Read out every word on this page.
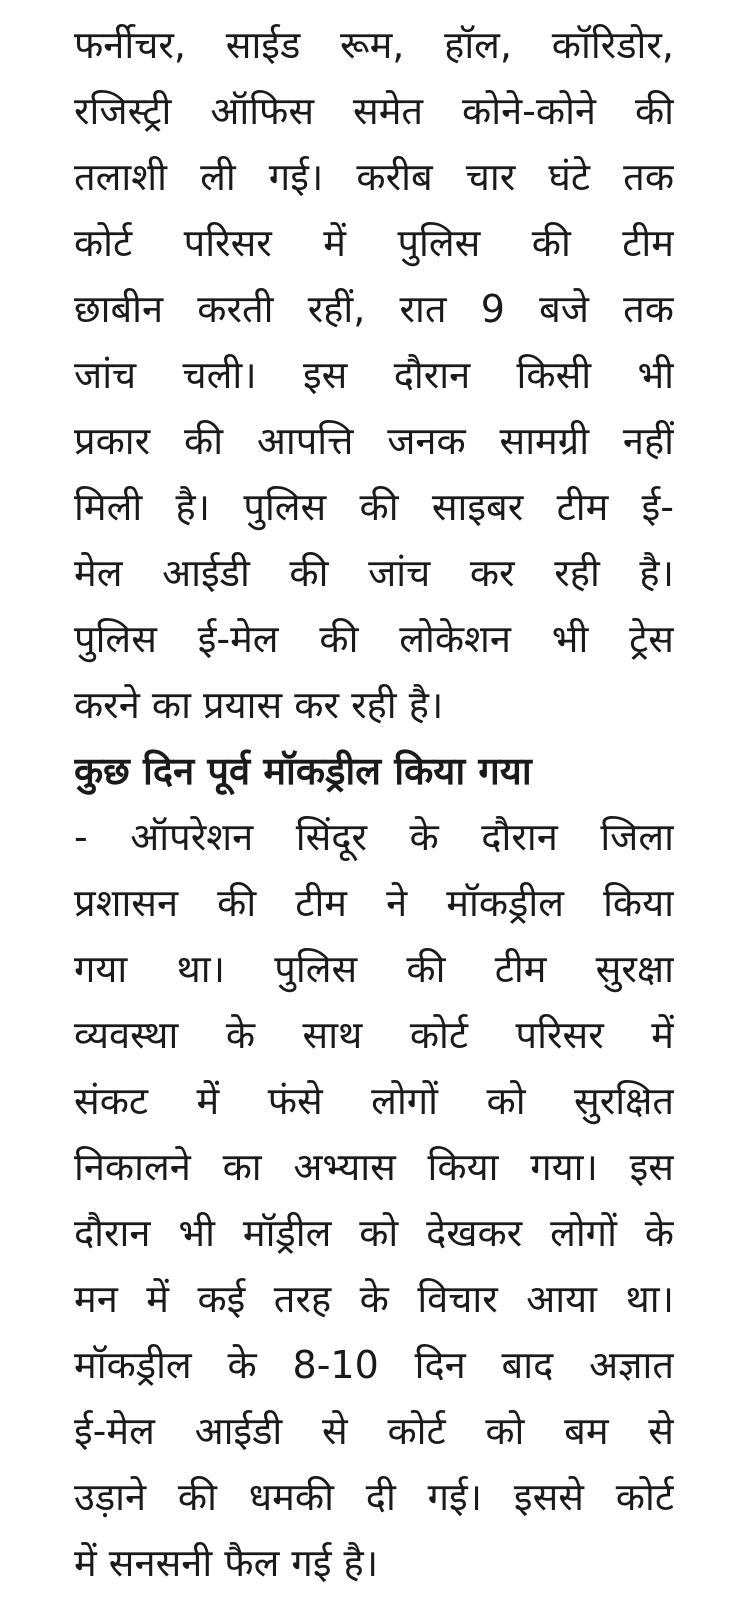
फर्नीचर, साईड रूम, हॉल, कॉरिडोर,
रजिस्ट्री ऑफिस समेत कोने-कोने की
तलाशी ली गई। करीब चार घंटे तक
कोर्ट परिसर में पुलिस की टीम
छाबीन करती रहीं, रात 9 बजे तक
जांच चली। इस दौरान किसी भी
प्रकार की आपत्ति जनक सामग्री नहीं
मिली है। पुलिस की साइबर टीम ई-
मेल आईडी की जांच कर रही है।
पुलिस ई-मेल की लोकेशन भी ट्रेस
करने का प्रयास कर रही है।
कुछ दिन पूर्व मॉकड्रील किया गया
- ऑपरेशन सिंदूर के दौरान जिला
प्रशासन की टीम ने मॉकड्रील किया
गया था। पुलिस की टीम सुरक्षा
व्यवस्था के साथ कोर्ट परिसर में
संकट में फंसे लोगों को सुरक्षित
निकालने का अभ्यास किया गया। इस
दौरान भी मॉड्रील को देखकर लोगों के
मन में कई तरह के विचार आया था।
मॉकड्रील के 8-10 दिन बाद अज्ञात
ई-मेल आईडी से कोर्ट को बम से
उड़ाने की धमकी दी गई। इससे कोर्ट
में सनसनी फैल गई है।
